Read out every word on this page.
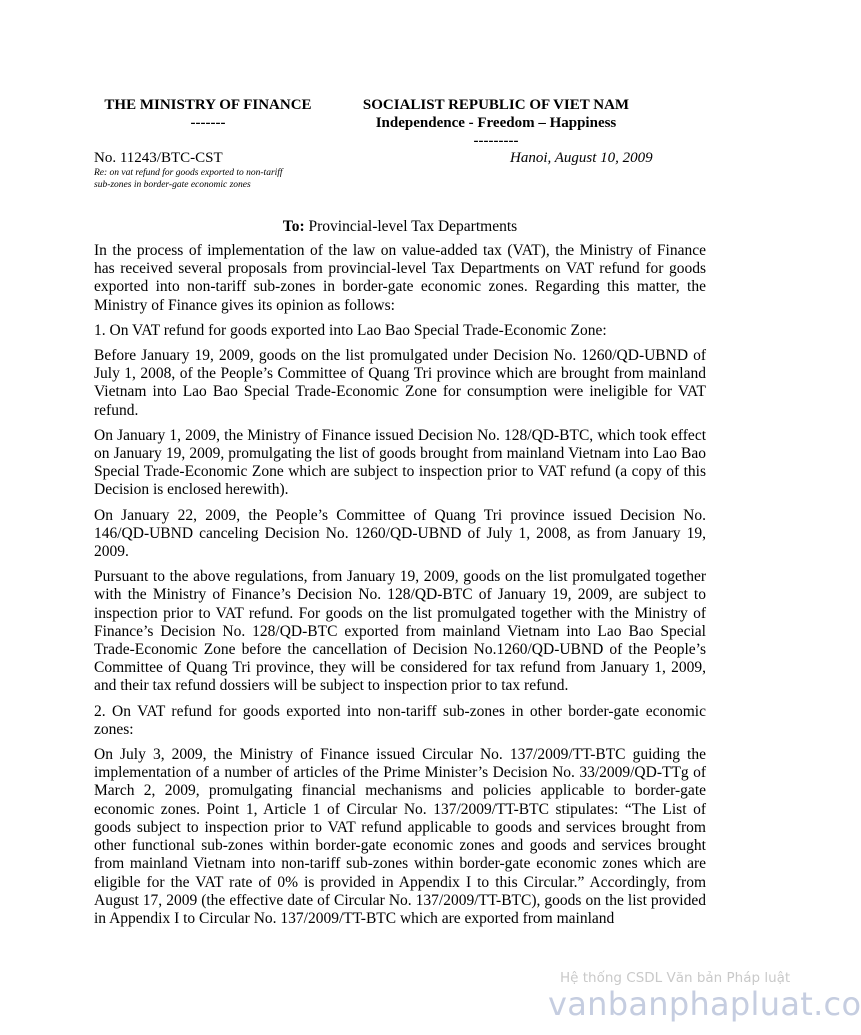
THE MINISTRY OF FINANCE
-------
SOCIALIST REPUBLIC OF VIET NAM
Independence - Freedom – Happiness
---------
No. 11243/BTC-CST
Re: on vat refund for goods exported to non-tariff
sub-zones in border-gate economic zones
Hanoi, August 10, 2009
To: Provincial-level Tax Departments

In the process of implementation of the law on value-added tax (VAT), the Ministry of Finance has received several proposals from provincial-level Tax Departments on VAT refund for goods exported into non-tariff sub-zones in border-gate economic zones. Regarding this matter, the Ministry of Finance gives its opinion as follows:

1. On VAT refund for goods exported into Lao Bao Special Trade-Economic Zone:

Before January 19, 2009, goods on the list promulgated under Decision No. 1260/QD-UBND of July 1, 2008, of the People’s Committee of Quang Tri province which are brought from mainland Vietnam into Lao Bao Special Trade-Economic Zone for consumption were ineligible for VAT refund.

On January 1, 2009, the Ministry of Finance issued Decision No. 128/QD-BTC, which took effect on January 19, 2009, promulgating the list of goods brought from mainland Vietnam into Lao Bao Special Trade-Economic Zone which are subject to inspection prior to VAT refund (a copy of this Decision is enclosed herewith).

On January 22, 2009, the People’s Committee of Quang Tri province issued Decision No. 146/QD-UBND canceling Decision No. 1260/QD-UBND of July 1, 2008, as from January 19, 2009.

Pursuant to the above regulations, from January 19, 2009, goods on the list promulgated together with the Ministry of Finance’s Decision No. 128/QD-BTC of January 19, 2009, are subject to inspection prior to VAT refund. For goods on the list promulgated together with the Ministry of Finance’s Decision No. 128/QD-BTC exported from mainland Vietnam into Lao Bao Special Trade-Economic Zone before the cancellation of Decision No.1260/QD-UBND of the People’s Committee of Quang Tri province, they will be considered for tax refund from January 1, 2009, and their tax refund dossiers will be subject to inspection prior to tax refund.

2. On VAT refund for goods exported into non-tariff sub-zones in other border-gate economic zones:

On July 3, 2009, the Ministry of Finance issued Circular No. 137/2009/TT-BTC guiding the implementation of a number of articles of the Prime Minister’s Decision No. 33/2009/QD-TTg of March 2, 2009, promulgating financial mechanisms and policies applicable to border-gate economic zones. Point 1, Article 1 of Circular No. 137/2009/TT-BTC stipulates: “The List of goods subject to inspection prior to VAT refund applicable to goods and services brought from other functional sub-zones within border-gate economic zones and goods and services brought from mainland Vietnam into non-tariff sub-zones within border-gate economic zones which are eligible for the VAT rate of 0% is provided in Appendix I to this Circular.” Accordingly, from August 17, 2009 (the effective date of Circular No. 137/2009/TT-BTC), goods on the list provided in Appendix I to Circular No. 137/2009/TT-BTC which are exported from mainland

Hệ thống CSDL Văn bản Pháp luật
vanbanphapluat.co
